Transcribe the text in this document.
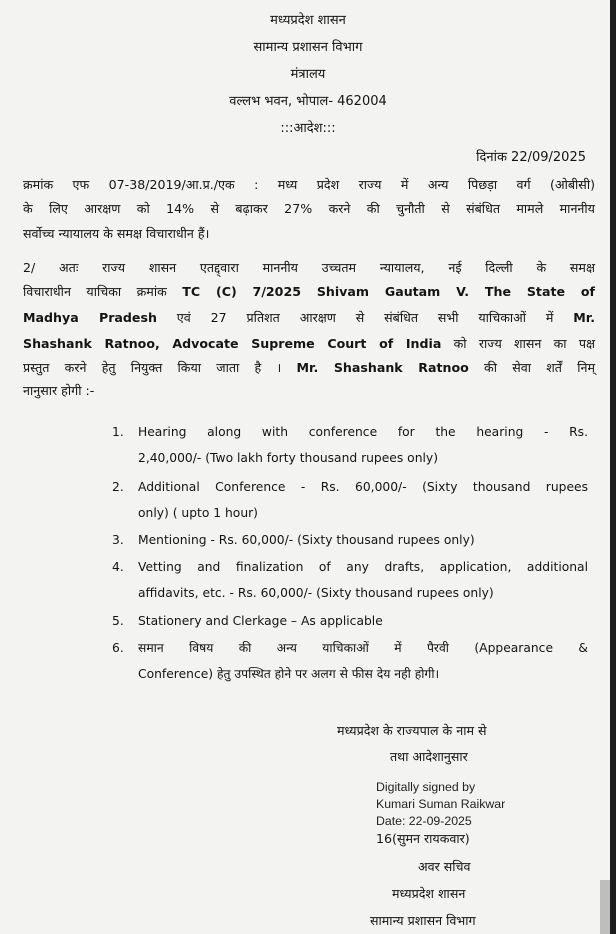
मध्यप्रदेश शासन
सामान्य प्रशासन विभाग
मंत्रालय
वल्लभ भवन, भोपाल- 462004
:::आदेश:::
दिनांक 22/09/2025
क्रमांक एफ 07-38/2019/आ.प्र./एक : मध्य प्रदेश राज्य में अन्य पिछड़ा वर्ग (ओबीसी)
के लिए आरक्षण को 14% से बढ़ाकर 27% करने की चुनौती से संबंधित मामले माननीय
सर्वोच्च न्यायालय के समक्ष विचाराधीन हैं।
2/ अतः राज्य शासन एतद्द्वारा माननीय उच्चतम न्यायालय, नई दिल्ली के समक्ष
विचाराधीन याचिका क्रमांक TC (C) 7/2025 Shivam Gautam V. The State of
Madhya Pradesh एवं 27 प्रतिशत आरक्षण से संबंधित सभी याचिकाओं में Mr.
Shashank Ratnoo, Advocate Supreme Court of India को राज्य शासन का पक्ष
प्रस्तुत करने हेतु नियुक्त किया जाता है । Mr. Shashank Ratnoo की सेवा शर्तें निम्
नानुसार होगी :-
1.	Hearing along with conference for the hearing - Rs.
2,40,000/- (Two lakh forty thousand rupees only)
2.	Additional Conference - Rs. 60,000/- (Sixty thousand rupees
only) ( upto 1 hour)
3.	Mentioning - Rs. 60,000/- (Sixty thousand rupees only)
4.	Vetting and finalization of any drafts, application, additional
affidavits, etc. - Rs. 60,000/- (Sixty thousand rupees only)
5.	Stationery and Clerkage – As applicable
6.	समान विषय की अन्य याचिकाओं में पैरवी (Appearance &
Conference) हेतु उपस्थित होने पर अलग से फीस देय नही होगी।
मध्यप्रदेश के राज्यपाल के नाम से
तथा आदेशानुसार
Digitally signed by
Kumari Suman Raikwar
Date: 22-09-2025
16(सुमन रायकवार)
अवर सचिव
मध्यप्रदेश शासन
सामान्य प्रशासन विभाग
